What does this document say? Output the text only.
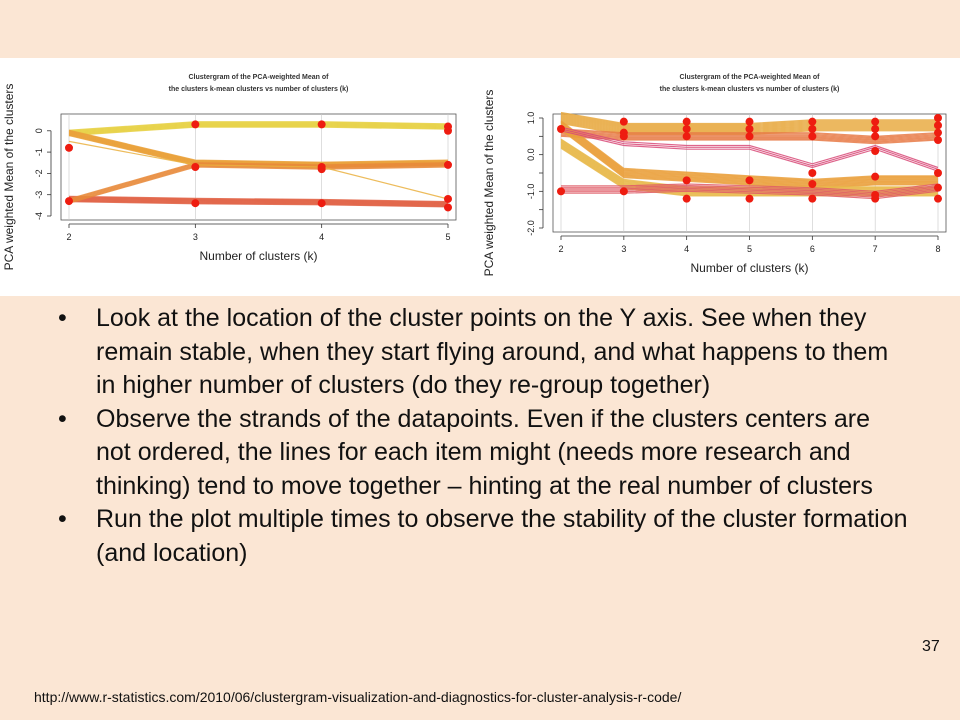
Clustergram of the PCA-weighted Mean of
the clusters k-mean clusters vs number of clusters (k)
2	3	4	5
Number of clusters (k)
0
-1
-2
-3
-4
PCA weighted Mean of the clusters
Clustergram of the PCA-weighted Mean of
the clusters k-mean clusters vs number of clusters (k)
2	3	4	5	6	7	8
Number of clusters (k)
1.0
0.0
-1.0
-2.0
PCA weighted Mean of the clusters
• Look at the location of the cluster points on the Y axis. See when they remain stable, when they start flying around, and what happens to them in higher number of clusters (do they re-group together)
• Observe the strands of the datapoints. Even if the clusters centers are not ordered, the lines for each item might (needs more research and thinking) tend to move together – hinting at the real number of clusters
• Run the plot multiple times to observe the stability of the cluster formation (and location)
37
http://www.r-statistics.com/2010/06/clustergram-visualization-and-diagnostics-for-cluster-analysis-r-code/
